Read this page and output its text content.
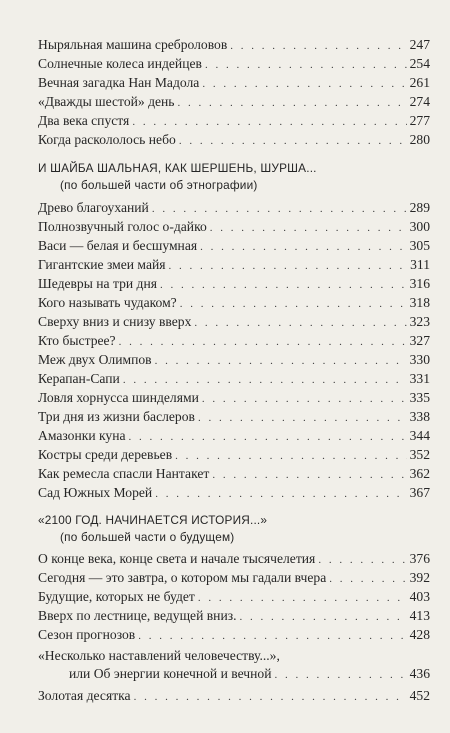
Ныряльная машина среброловов . . .	247
Солнечные колеса индейцев . . .	254
Вечная загадка Нан Мадола . . .	261
«Дважды шестой» день . . .	274
Два века спустя . . .	277
Когда раскололось небо . . .	280
И ШАЙБА ШАЛЬНАЯ, КАК ШЕРШЕНЬ, ШУРША...
(по большей части об этнографии)
Древо благоуханий . . .	289
Полнозвучный голос о-дайко . . .	300
Васи — белая и бесшумная . . .	305
Гигантские змеи майя . . .	311
Шедевры на три дня . . .	316
Кого называть чудаком? . . .	318
Сверху вниз и снизу вверх . . .	323
Кто быстрее? . . .	327
Меж двух Олимпов . . .	330
Керапан-Сапи . . .	331
Ловля хорнусса шинделями . . .	335
Три дня из жизни баслеров . . .	338
Амазонки куна . . .	344
Костры среди деревьев . . .	352
Как ремесла спасли Нантакет . . .	362
Сад Южных Морей . . .	367
«2100 ГОД. НАЧИНАЕТСЯ ИСТОРИЯ...»
(по большей части о будущем)
О конце века, конце света и начале тысячелетия . . .	376
Сегодня — это завтра, о котором мы гадали вчера . . .	392
Будущие, которых не будет . . .	403
Вверх по лестнице, ведущей вниз. . . .	413
Сезон прогнозов . . .	428
«Несколько наставлений человечеству...»,
или Об энергии конечной и вечной . . .	436
Золотая десятка . . .	452
